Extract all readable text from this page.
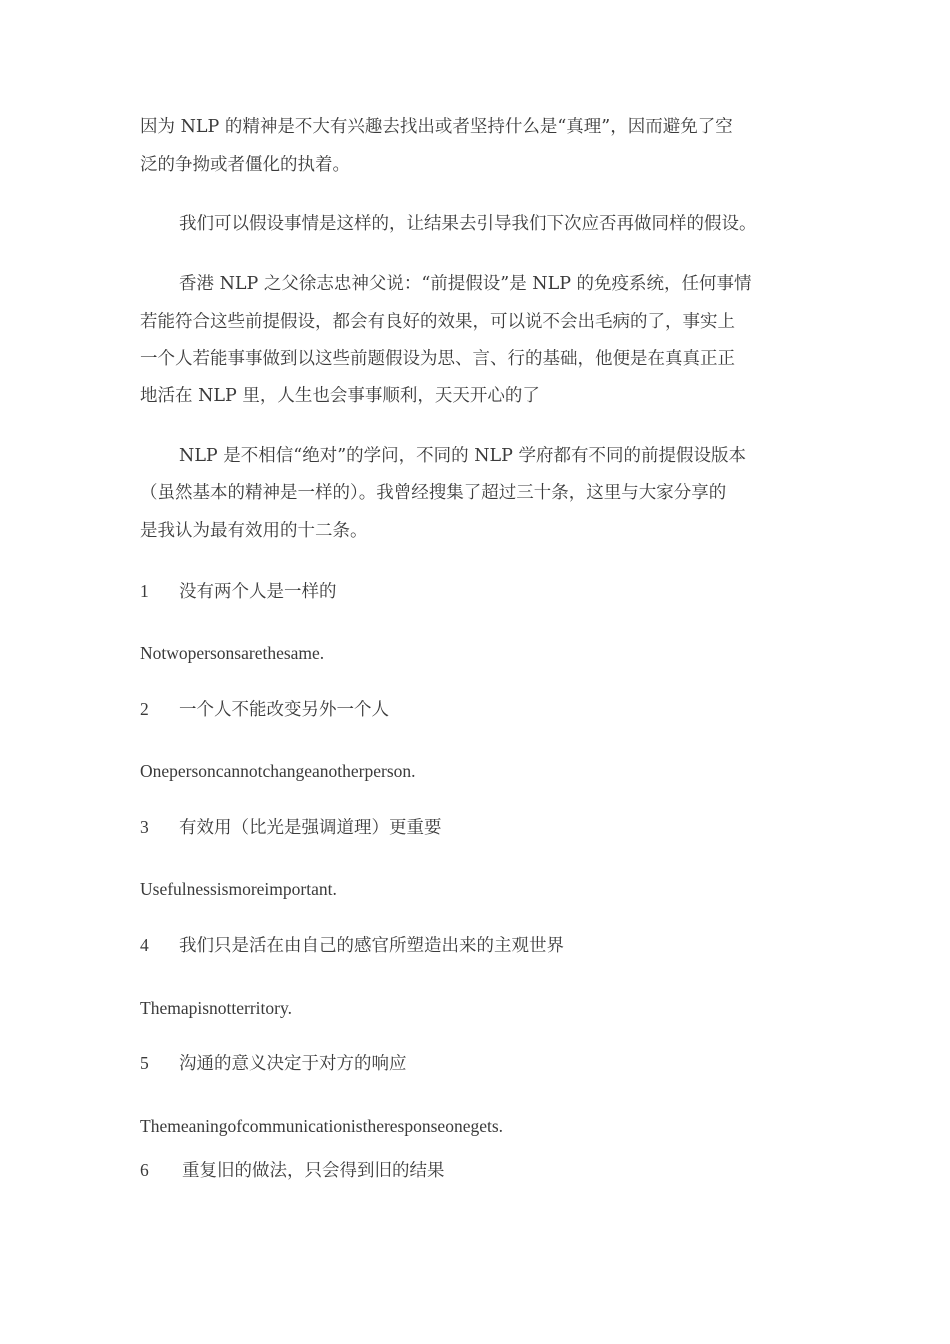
因为 NLP 的精神是不大有兴趣去找出或者坚持什么是“真理”，因而避免了空
泛的争拗或者僵化的执着。
我们可以假设事情是这样的，让结果去引导我们下次应否再做同样的假设。
香港 NLP 之父徐志忠神父说：“前提假设”是 NLP 的免疫系统，任何事情
若能符合这些前提假设，都会有良好的效果，可以说不会出毛病的了，事实上
一个人若能事事做到以这些前题假设为思、言、行的基础，他便是在真真正正
地活在 NLP 里，人生也会事事顺利，天天开心的了
NLP 是不相信“绝对”的学问，不同的 NLP 学府都有不同的前提假设版本
（虽然基本的精神是一样的）。我曾经搜集了超过三十条，这里与大家分享的
是我认为最有效用的十二条。
1 没有两个人是一样的
Notwopersonsarethesame.
2 一个人不能改变另外一个人
Onepersoncannotchangeanotherperson.
3 有效用（比光是强调道理）更重要
Usefulnessismoreimportant.
4 我们只是活在由自己的感官所塑造出来的主观世界
Themapisnotterritory.
5 沟通的意义决定于对方的响应
Themeaningofcommunicationistheresponseonegets.
6 重复旧的做法，只会得到旧的结果
